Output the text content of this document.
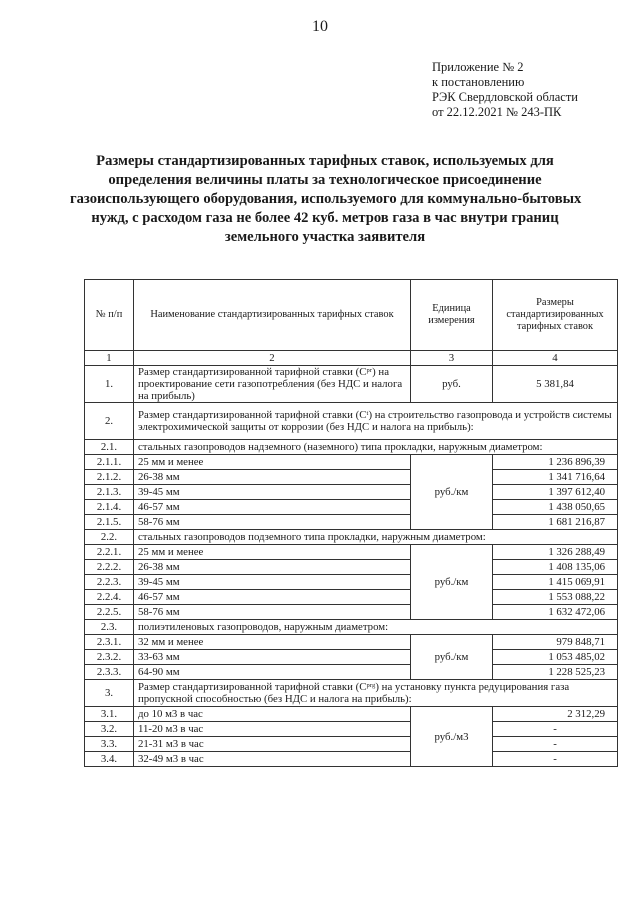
10
Приложение № 2
к постановлению
РЭК Свердловской области
от 22.12.2021 № 243-ПК
Размеры стандартизированных тарифных ставок, используемых для
определения величины платы за технологическое присоединение
газоиспользующего оборудования, используемого для коммунально-бытовых
нужд, с расходом газа не более 42 куб. метров газа в час внутри границ
земельного участка заявителя
№ п/п	Наименование стандартизированных тарифных ставок	Единица измерения	Размеры стандартизированных тарифных ставок
1	2	3	4
1.	Размер стандартизированной тарифной ставки (Cᵖʳ) на проектирование сети газопотребления (без НДС и налога на прибыль)	руб.	5 381,84
2.	Размер стандартизированной тарифной ставки (Cᵗ) на строительство газопровода и устройств системы электрохимической защиты от коррозии (без НДС и налога на прибыль):		
2.1.	стальных газопроводов надземного (наземного) типа прокладки, наружным диаметром:		
2.1.1.	25 мм и менее	руб./км	1 236 896,39
2.1.2.	26-38 мм		1 341 716,64
2.1.3.	39-45 мм		1 397 612,40
2.1.4.	46-57 мм		1 438 050,65
2.1.5.	58-76 мм		1 681 216,87
2.2.	стальных газопроводов подземного типа прокладки, наружным диаметром:		
2.2.1.	25 мм и менее	руб./км	1 326 288,49
2.2.2.	26-38 мм		1 408 135,06
2.2.3.	39-45 мм		1 415 069,91
2.2.4.	46-57 мм		1 553 088,22
2.2.5.	58-76 мм		1 632 472,06
2.3.	полиэтиленовых газопроводов, наружным диаметром:		
2.3.1.	32 мм и менее	руб./км	979 848,71
2.3.2.	33-63 мм		1 053 485,02
2.3.3.	64-90 мм		1 228 525,23
3.	Размер стандартизированной тарифной ставки (Cᵖʳᵍ) на установку пункта редуцирования газа пропускной способностью (без НДС и налога на прибыль):		
3.1.	до 10 м3 в час	руб./м3	2 312,29
3.2.	11-20 м3 в час		-
3.3.	21-31 м3 в час		-
3.4.	32-49 м3 в час		-
